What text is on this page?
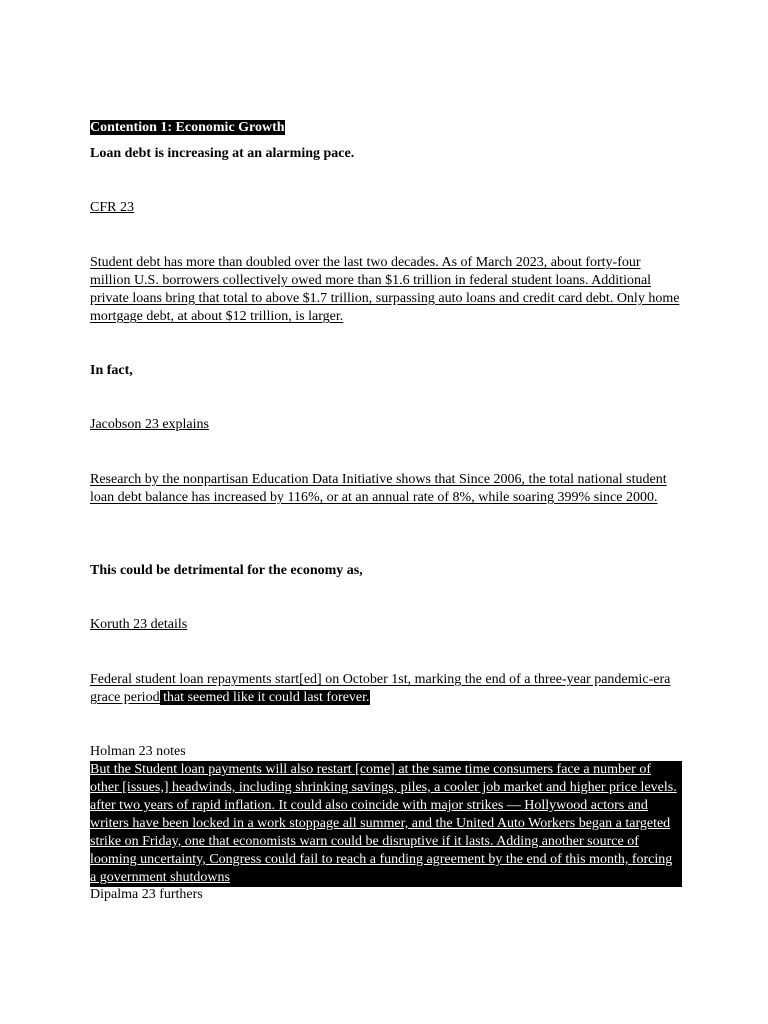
Contention 1: Economic Growth

Loan debt is increasing at an alarming pace.

CFR 23

Student debt has more than doubled over the last two decades. As of March 2023, about forty-four million U.S. borrowers collectively owed more than $1.6 trillion in federal student loans. Additional private loans bring that total to above $1.7 trillion, surpassing auto loans and credit card debt. Only home mortgage debt, at about $12 trillion, is larger.

In fact,

Jacobson 23 explains

Research by the nonpartisan Education Data Initiative shows that Since 2006, the total national student loan debt balance has increased by 116%, or at an annual rate of 8%, while soaring 399% since 2000.

This could be detrimental for the economy as,

Koruth 23 details

Federal student loan repayments start[ed] on October 1st, marking the end of a three-year pandemic-era grace period that seemed like it could last forever.

Holman 23 notes

But the Student loan payments will also restart [come] at the same time consumers face a number of other [issues,] headwinds, including shrinking savings, piles, a cooler job market and higher price levels. after two years of rapid inflation. It could also coincide with major strikes — Hollywood actors and writers have been locked in a work stoppage all summer, and the United Auto Workers began a targeted strike on Friday, one that economists warn could be disruptive if it lasts. Adding another source of looming uncertainty, Congress could fail to reach a funding agreement by the end of this month, forcing a government shutdowns

Dipalma 23 furthers
